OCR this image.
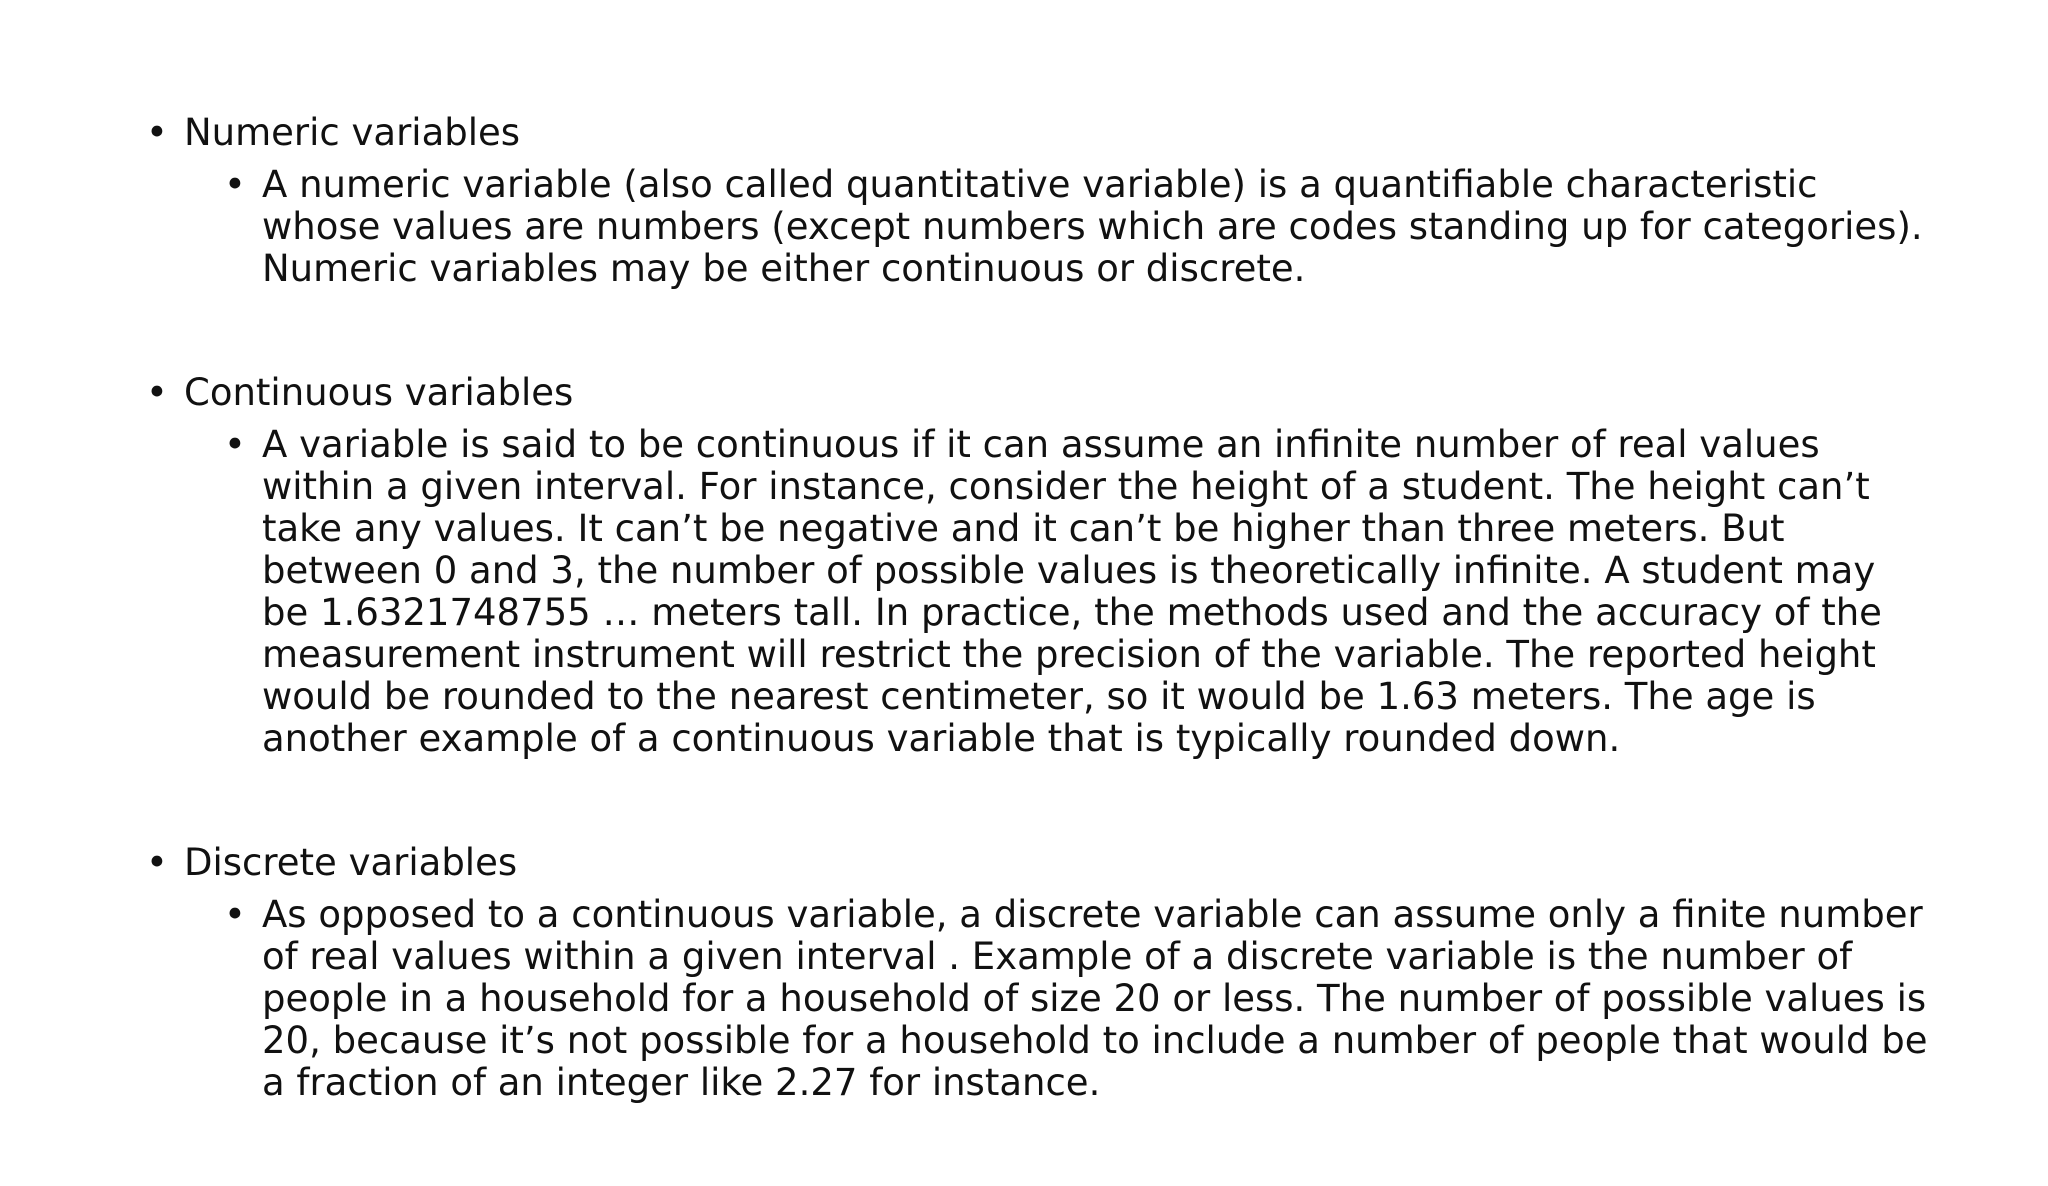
• Numeric variables
• A numeric variable (also called quantitative variable) is a quantifiable characteristic whose values are numbers (except numbers which are codes standing up for categories). Numeric variables may be either continuous or discrete.
• Continuous variables
• A variable is said to be continuous if it can assume an infinite number of real values within a given interval. For instance, consider the height of a student. The height can’t take any values. It can’t be negative and it can’t be higher than three meters. But between 0 and 3, the number of possible values is theoretically infinite. A student may be 1.6321748755 … meters tall. In practice, the methods used and the accuracy of the measurement instrument will restrict the precision of the variable. The reported height would be rounded to the nearest centimeter, so it would be 1.63 meters. The age is another example of a continuous variable that is typically rounded down.
• Discrete variables
• As opposed to a continuous variable, a discrete variable can assume only a finite number of real values within a given interval . Example of a discrete variable is the number of people in a household for a household of size 20 or less. The number of possible values is 20, because it’s not possible for a household to include a number of people that would be a fraction of an integer like 2.27 for instance.
